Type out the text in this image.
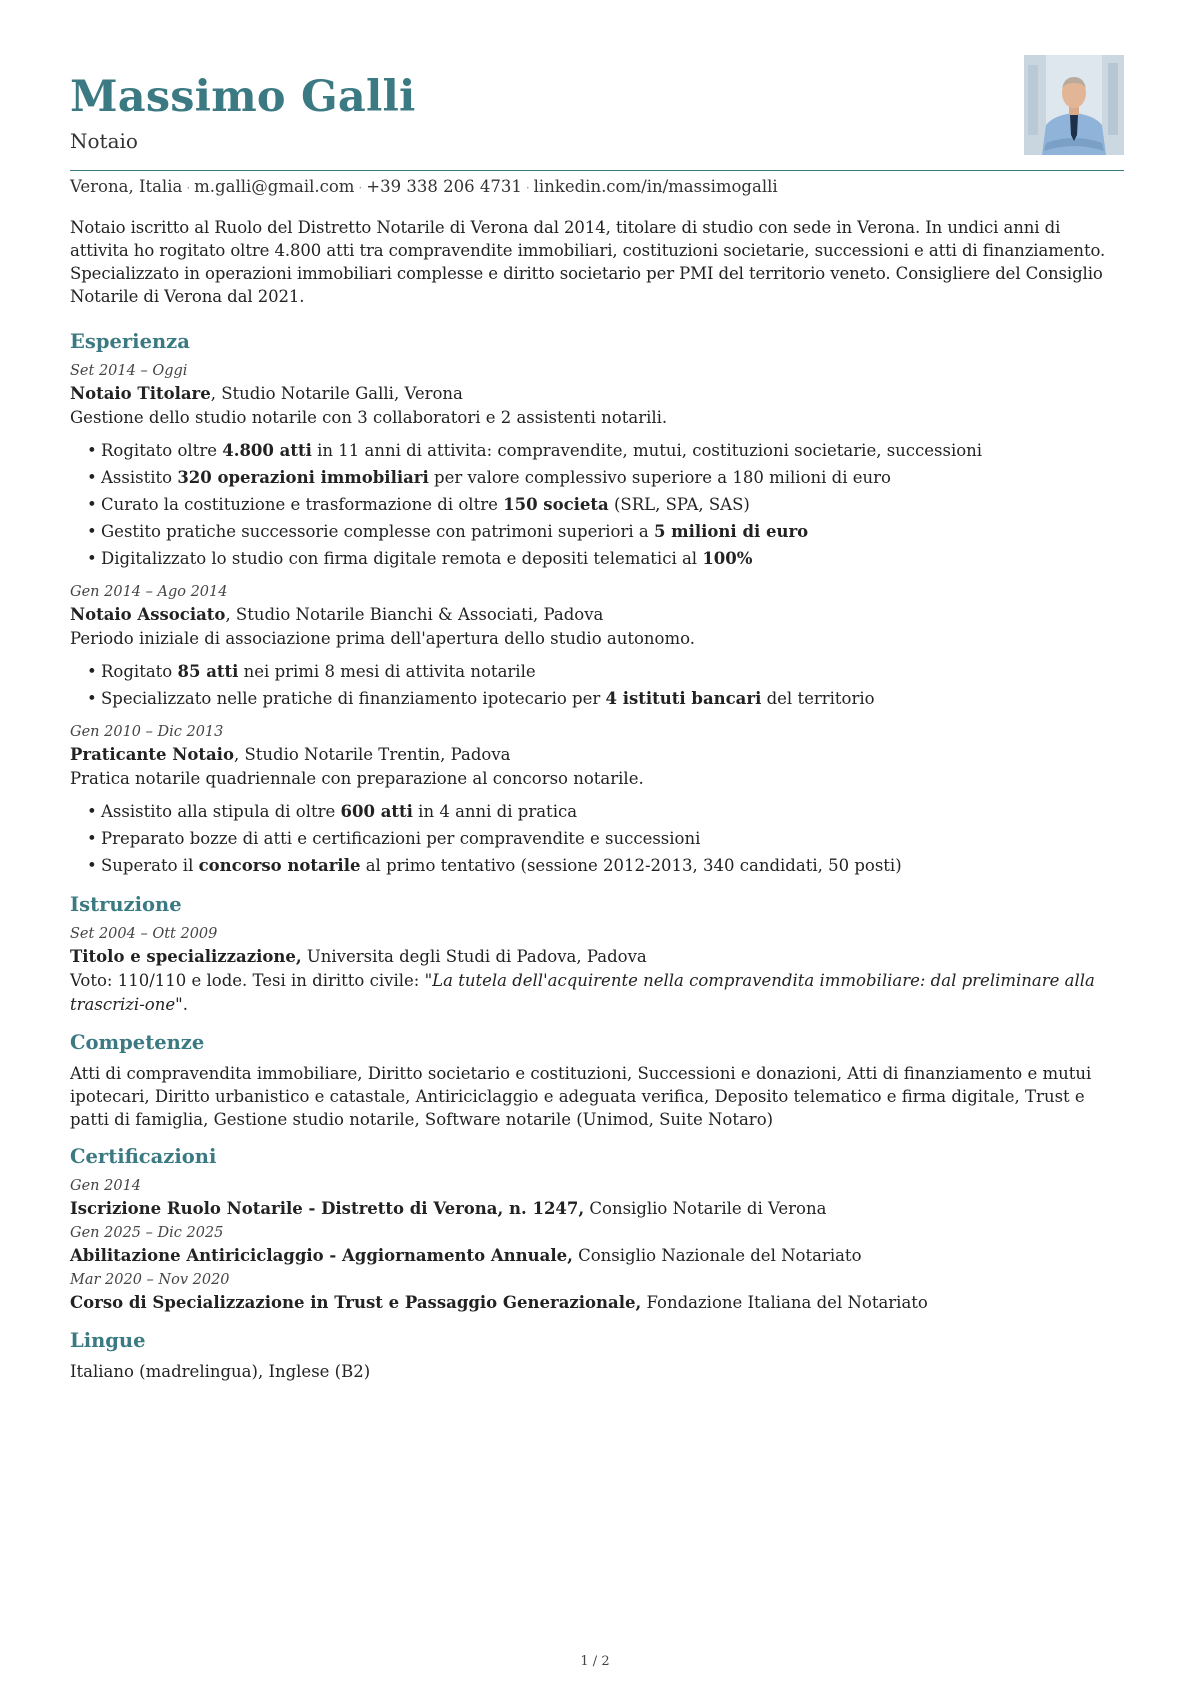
Massimo Galli
Notaio
Verona, Italia · m.galli@gmail.com · +39 338 206 4731 · linkedin.com/in/massimogalli

Notaio iscritto al Ruolo del Distretto Notarile di Verona dal 2014, titolare di studio con sede in Verona. In undici anni di attivita ho rogitato oltre 4.800 atti tra compravendite immobiliari, costituzioni societarie, successioni e atti di finanziamento. Specializzato in operazioni immobiliari complesse e diritto societario per PMI del territorio veneto. Consigliere del Consiglio Notarile di Verona dal 2021.

Esperienza
Set 2014 – Oggi
Notaio Titolare, Studio Notarile Galli, Verona
Gestione dello studio notarile con 3 collaboratori e 2 assistenti notarili.
• Rogitato oltre 4.800 atti in 11 anni di attivita: compravendite, mutui, costituzioni societarie, successioni
• Assistito 320 operazioni immobiliari per valore complessivo superiore a 180 milioni di euro
• Curato la costituzione e trasformazione di oltre 150 societa (SRL, SPA, SAS)
• Gestito pratiche successorie complesse con patrimoni superiori a 5 milioni di euro
• Digitalizzato lo studio con firma digitale remota e depositi telematici al 100%
Gen 2014 – Ago 2014
Notaio Associato, Studio Notarile Bianchi & Associati, Padova
Periodo iniziale di associazione prima dell'apertura dello studio autonomo.
• Rogitato 85 atti nei primi 8 mesi di attivita notarile
• Specializzato nelle pratiche di finanziamento ipotecario per 4 istituti bancari del territorio
Gen 2010 – Dic 2013
Praticante Notaio, Studio Notarile Trentin, Padova
Pratica notarile quadriennale con preparazione al concorso notarile.
• Assistito alla stipula di oltre 600 atti in 4 anni di pratica
• Preparato bozze di atti e certificazioni per compravendite e successioni
• Superato il concorso notarile al primo tentativo (sessione 2012-2013, 340 candidati, 50 posti)
Istruzione
Set 2004 – Ott 2009
Titolo e specializzazione, Universita degli Studi di Padova, Padova
Voto: 110/110 e lode. Tesi in diritto civile: "La tutela dell'acquirente nella compravendita immobiliare: dal preliminare alla trascrizi-one".
Competenze

Atti di compravendita immobiliare, Diritto societario e costituzioni, Successioni e donazioni, Atti di finanziamento e mutui ipotecari, Diritto urbanistico e catastale, Antiriciclaggio e adeguata verifica, Deposito telematico e firma digitale, Trust e patti di famiglia, Gestione studio notarile, Software notarile (Unimod, Suite Notaro)

Certificazioni
Gen 2014
Iscrizione Ruolo Notarile - Distretto di Verona, n. 1247, Consiglio Notarile di Verona
Gen 2025 – Dic 2025
Abilitazione Antiriciclaggio - Aggiornamento Annuale, Consiglio Nazionale del Notariato
Mar 2020 – Nov 2020
Corso di Specializzazione in Trust e Passaggio Generazionale, Fondazione Italiana del Notariato
Lingue

Italiano (madrelingua), Inglese (B2)

1 / 2
